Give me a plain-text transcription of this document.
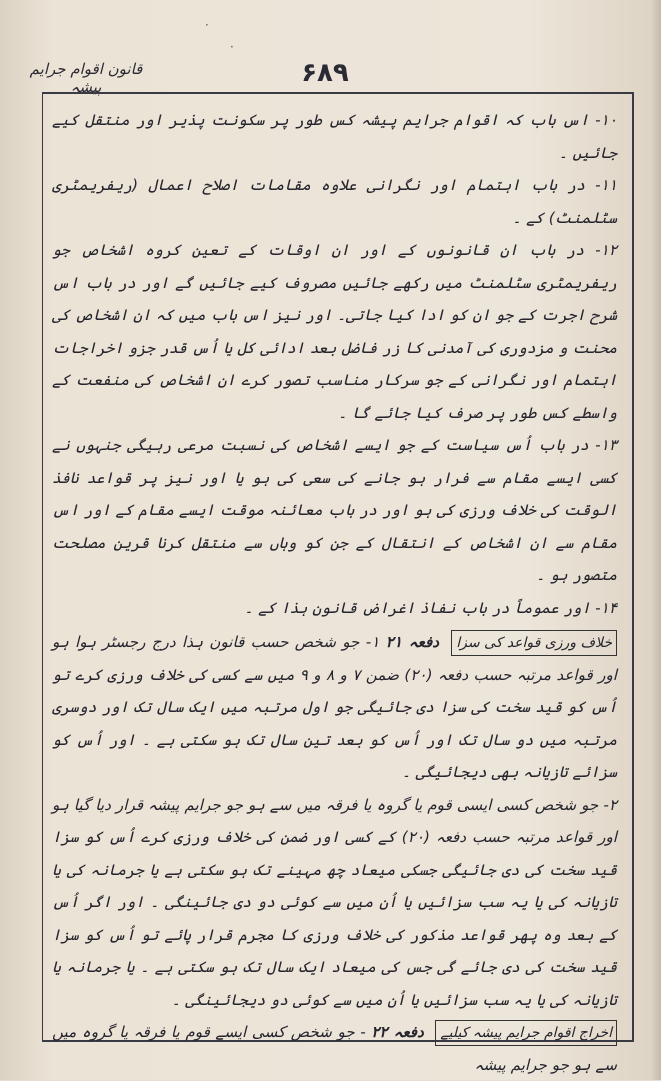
·
·
قانون اقوام جرایم پیشہ	۶۸۹

۱۰- اس باب کہ اقوام جرایم پیشہ کس طور پر سکونت پذیر اور منتقل کیے جائیں ۔

۱۱- در باب اہتمام اور نگرانی علاوہ مقامات اصلاح اعمال (ریفریمٹری سٹلمنٹ) کے ۔

۱۲- در باب ان قانونوں کے اور ان اوقات کے تعین کروہ اشخاص جو ریفریمٹری سٹلمنٹ میں رکھے جائیں مصروف کیے جائیں گے اور در باب اس شرح اجرت کے جو ان کو ادا کیا جاتی۔ اور نیز اس باب میں کہ ان اشخاص کی محنت و مزدوری کی آمدنی کا زر فاضل بعد ادائی کل یا اُس قدر جزو اخراجات اہتمام اور نگرانی کے جو سرکار مناسب تصور کرے ان اشخاص کی منفعت کے واسطے کس طور پر صرف کیا جائے گا ۔

۱۳- در باب اُس سیاست کے جو ایسے اشخاص کی نسبت مرعی رہیگی جنہوں نے کسی ایسے مقام سے فرار ہو جانے کی سعی کی ہو یا اور نیز پر قواعد نافذ الوقت کی خلاف ورزی کی ہو اور در باب معائنہ موقت ایسے مقام کے اور اس مقام سے ان اشخاص کے انتقال کے جن کو وہاں سے منتقل کرنا قرین مصلحت متصور ہو ۔

۱۴- اور عموماً در باب نفاذ اغراض قانون ہذا کے ۔

خلاف ورزی قواعد کی سزا دفعہ ۲۱ ۱- جو شخص حسب قانون ہذا درج رجسٹر ہوا ہو اور قواعد مرتبہ حسب دفعہ (۲۰) ضمن ۷ و ۸ و ۹ میں سے کسی کی خلاف ورزی کرے تو اُس کو قید سخت کی سزا دی جائیگی جو اول مرتبہ میں ایک سال تک اور دوسری مرتبہ میں دو سال تک اور اُس کو بعد تین سال تک ہو سکتی ہے ۔ اور اُس کو سزائے تازیانہ بھی دیجائیگی ۔

۲- جو شخص کسی ایسی قوم یا گروہ یا فرقہ میں سے ہو جو جرایم پیشہ قرار دیا گیا ہو اور قواعد مرتبہ حسب دفعہ (۲۰) کے کسی اور ضمن کی خلاف ورزی کرے اُس کو سزا قید سخت کی دی جائیگی جسکی میعاد چھ مہینے تک ہو سکتی ہے یا جرمانہ کی یا تازیانہ کی یا یہ سب سزائیں یا اُن میں سے کوئی دو دی جائینگی ۔ اور اگر اُس کے بعد وہ پھر قواعد مذکور کی خلاف ورزی کا مجرم قرار پائے تو اُس کو سزا قید سخت کی دی جائے گی جس کی میعاد ایک سال تک ہو سکتی ہے ۔ یا جرمانہ یا تازیانہ کی یا یہ سب سزائیں یا اُن میں سے کوئی دو دیجائینگی ۔

اخراج اقوام جرایم پیشہ کیلیے دفعہ ۲۲ - جو شخص کسی ایسے قوم یا فرقہ یا گروہ میں سے ہو جو جرایم پیشہ
